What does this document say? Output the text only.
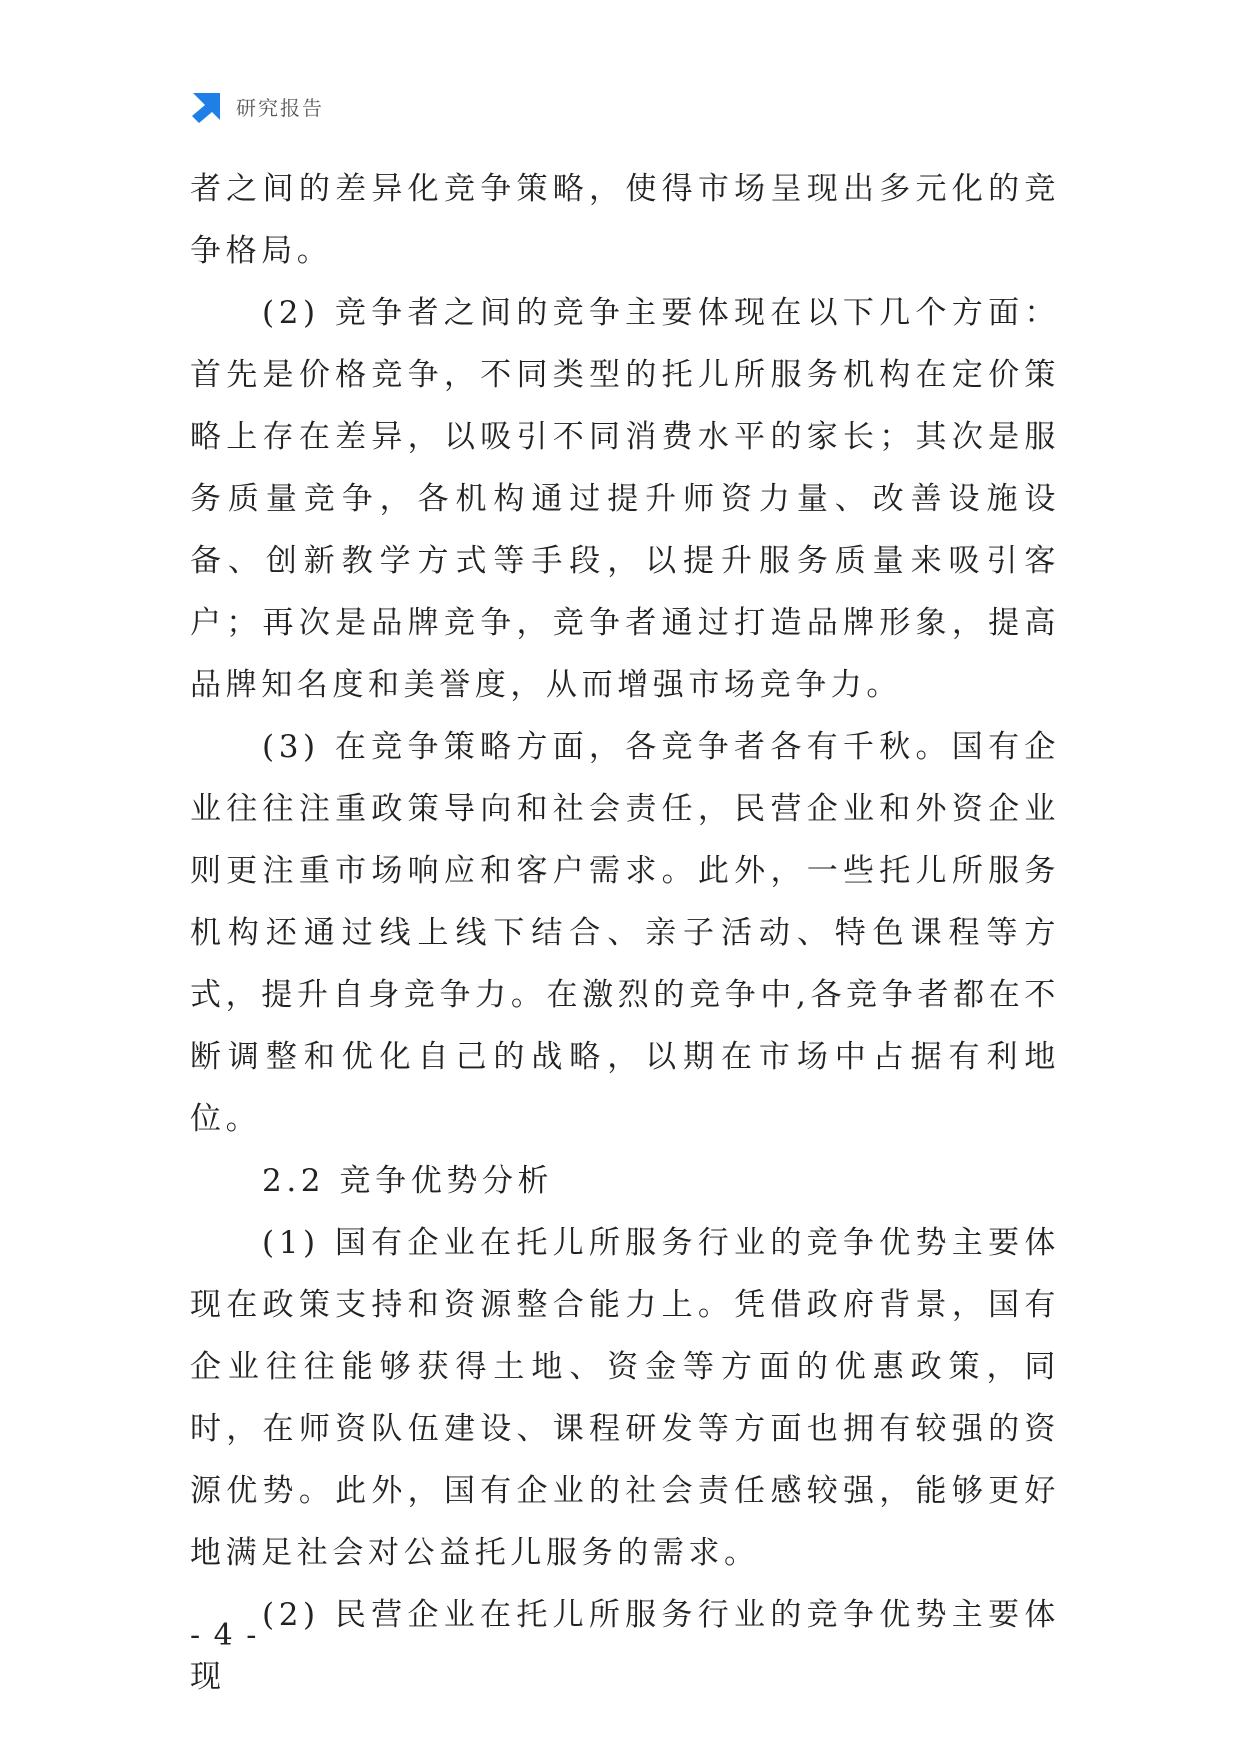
研究报告

者之间的差异化竞争策略，使得市场呈现出多元化的竞争格局。

(2) 竞争者之间的竞争主要体现在以下几个方面：首先是价格竞争，不同类型的托儿所服务机构在定价策略上存在差异，以吸引不同消费水平的家长；其次是服务质量竞争，各机构通过提升师资力量、改善设施设备、创新教学方式等手段，以提升服务质量来吸引客户；再次是品牌竞争，竞争者通过打造品牌形象，提高品牌知名度和美誉度，从而增强市场竞争力。

(3) 在竞争策略方面，各竞争者各有千秋。国有企业往往注重政策导向和社会责任，民营企业和外资企业则更注重市场响应和客户需求。此外，一些托儿所服务机构还通过线上线下结合、亲子活动、特色课程等方式，提升自身竞争力。在激烈的竞争中,各竞争者都在不断调整和优化自己的战略，以期在市场中占据有利地位。

2.2 竞争优势分析

(1) 国有企业在托儿所服务行业的竞争优势主要体现在政策支持和资源整合能力上。凭借政府背景，国有企业往往能够获得土地、资金等方面的优惠政策，同时，在师资队伍建设、课程研发等方面也拥有较强的资源优势。此外，国有企业的社会责任感较强，能够更好地满足社会对公益托儿服务的需求。

(2) 民营企业在托儿所服务行业的竞争优势主要体现

- 4 -
